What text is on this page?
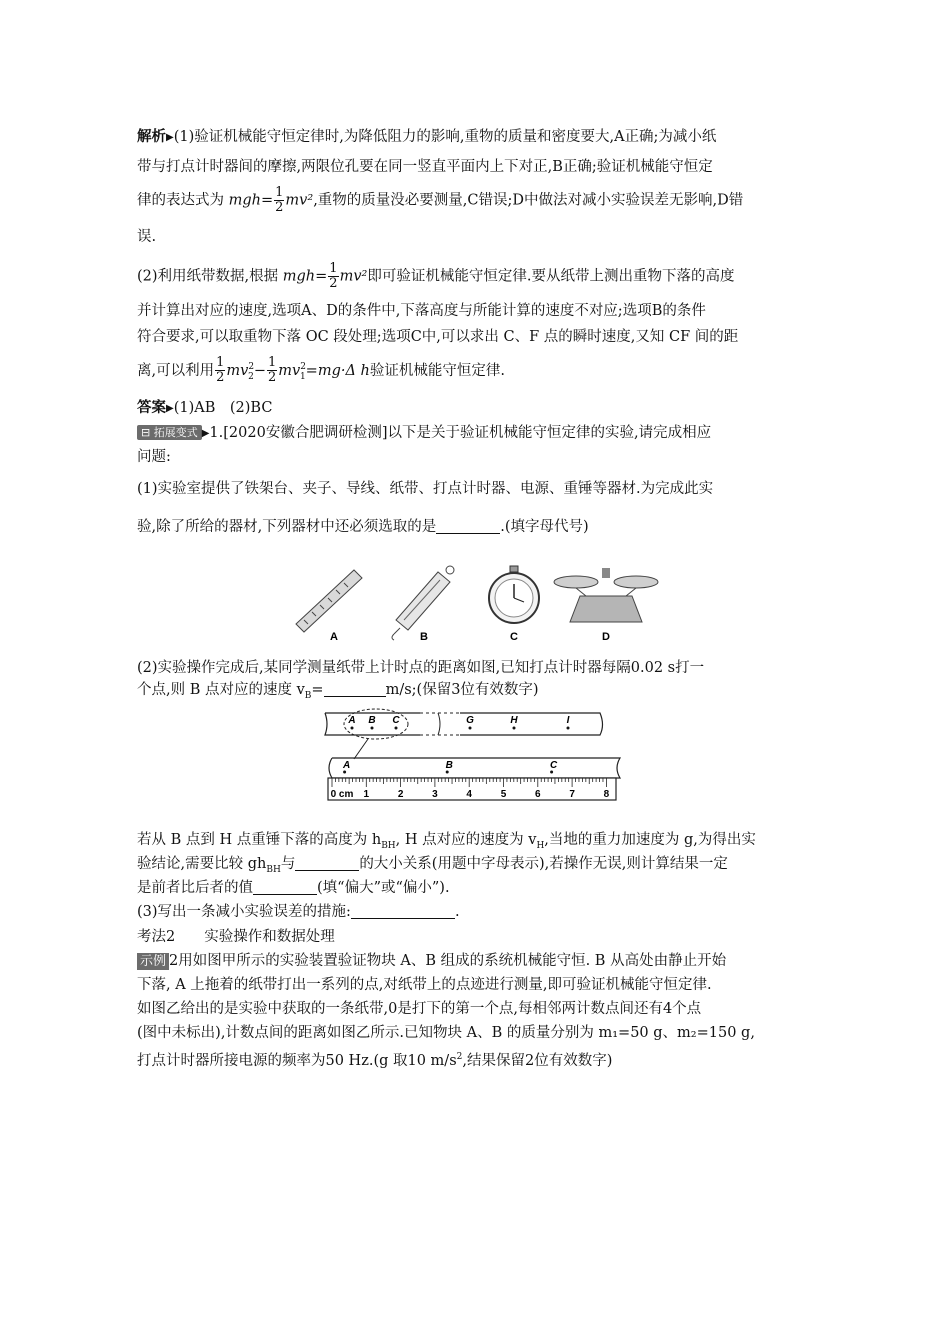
解析▶(1)验证机械能守恒定律时,为降低阻力的影响,重物的质量和密度要大,A正确;为减小纸
带与打点计时器间的摩擦,两限位孔要在同一竖直平面内上下对正,B正确;验证机械能守恒定
律的表达式为 $mgh= \frac{1}{2} mv^2$,重物的质量没必要测量,C错误;D中做法对减小实验误差无影响,D错
误.
(2)利用纸带数据,根据 $mgh= \frac{1}{2} mv^2$即可验证机械能守恒定律.要从纸带上测出重物下落的高度
并计算出对应的速度,选项A、D的条件中,下落高度与所能计算的速度不对应;选项B的条件
符合要求,可以取重物下落 OC 段处理;选项C中,可以求出 C、F 点的瞬时速度,又知 CF 间的距
离,可以利用 $\frac{1}{2} mv^2_2- \frac{1}{2} mv^2_1=mg\cdot\Delta$ h验证机械能守恒定律.
答案▶(1)AB　(2)BC
⊟ 拓展变式 ▶1.[2020安徽合肥调研检测]以下是关于验证机械能守恒定律的实验,请完成相应
问题:
(1)实验室提供了铁架台、夹子、导线、纸带、打点计时器、电源、重锤等器材.为完成此实
验,除了所给的器材,下列器材中还必须选取的是	.(填字母代号)
A	B	C	D
(2)实验操作完成后,某同学测量纸带上计时点的距离如图,已知打点计时器每隔0.02 s打一
个点,则 B 点对应的速度 $v_B=$	m/s;(保留3位有效数字)
A B C	G	H	I
A	B	C
0 cm 1	2	3	4	5	6	7	8
若从 B 点到 H 点重锤下落的高度为 $h_{BH}$, H 点对应的速度为 $v_H$,当地的重力加速度为 g,为得出实
验结论,需要比较 $gh_{BH}$与	的大小关系(用题中字母表示),若操作无误,则计算结果一定
是前者比后者的值	(填“偏大”或“偏小”).
(3)写出一条减小实验误差的措施:	.
考法2　　实验操作和数据处理
示例 2用如图甲所示的实验装置验证物块 A、B 组成的系统机械能守恒. B 从高处由静止开始
下落, A 上拖着的纸带打出一系列的点,对纸带上的点迹进行测量,即可验证机械能守恒定律.
如图乙给出的是实验中获取的一条纸带,0是打下的第一个点,每相邻两计数点间还有4个点
(图中未标出),计数点间的距离如图乙所示.已知物块 A、B 的质量分别为 m₁=50 g、m₂=150 g,
打点计时器所接电源的频率为50 Hz.(g 取10 $m/s^2$,结果保留2位有效数字)
